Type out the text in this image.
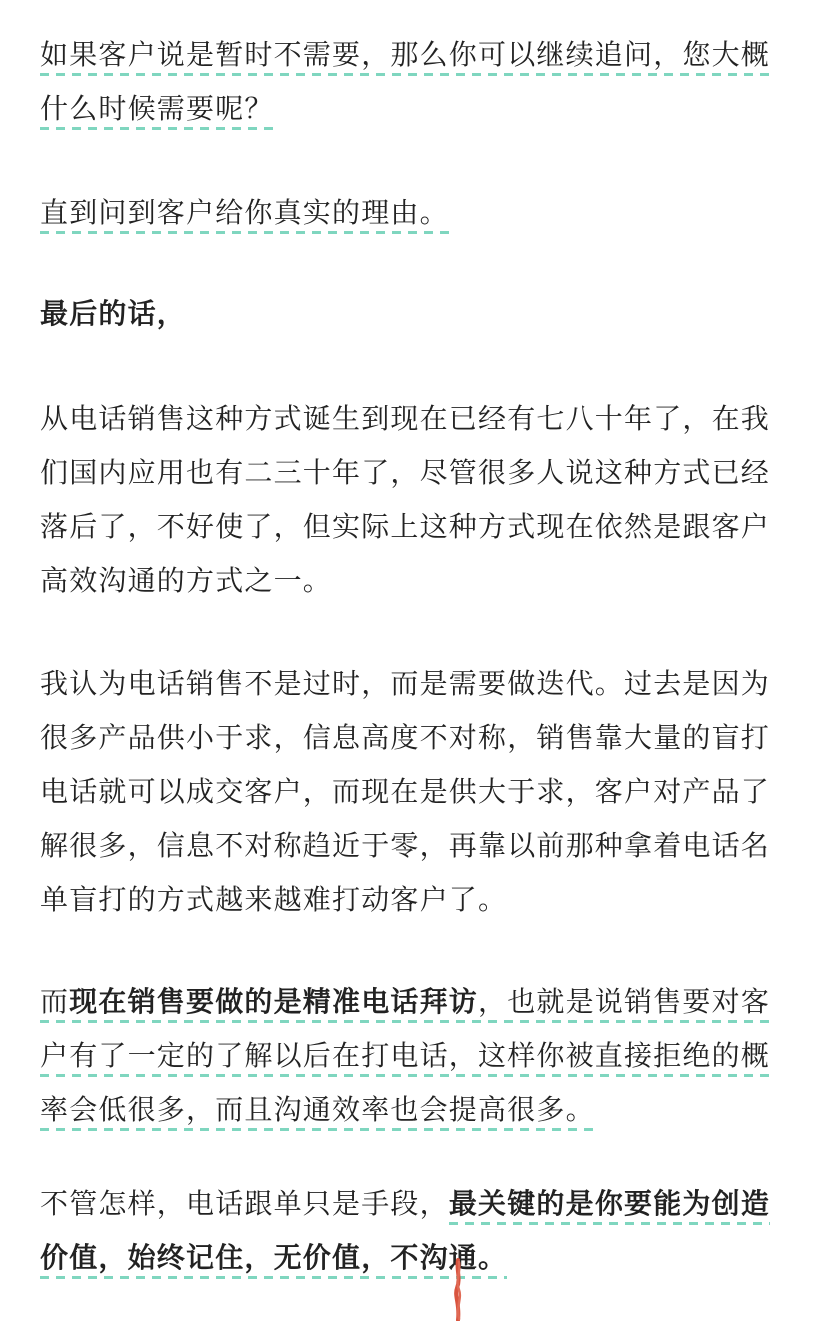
如果客户说是暂时不需要，那么你可以继续追问，您大概什么时候需要呢？

直到问到客户给你真实的理由。

最后的话，

从电话销售这种方式诞生到现在已经有七八十年了，在我们国内应用也有二三十年了，尽管很多人说这种方式已经落后了，不好使了，但实际上这种方式现在依然是跟客户高效沟通的方式之一。

我认为电话销售不是过时，而是需要做迭代。过去是因为很多产品供小于求，信息高度不对称，销售靠大量的盲打电话就可以成交客户，而现在是供大于求，客户对产品了解很多，信息不对称趋近于零，再靠以前那种拿着电话名单盲打的方式越来越难打动客户了。

而现在销售要做的是精准电话拜访，也就是说销售要对客户有了一定的了解以后在打电话，这样你被直接拒绝的概率会低很多，而且沟通效率也会提高很多。

不管怎样，电话跟单只是手段，最关键的是你要能为创造价值，始终记住，无价值，不沟通。
